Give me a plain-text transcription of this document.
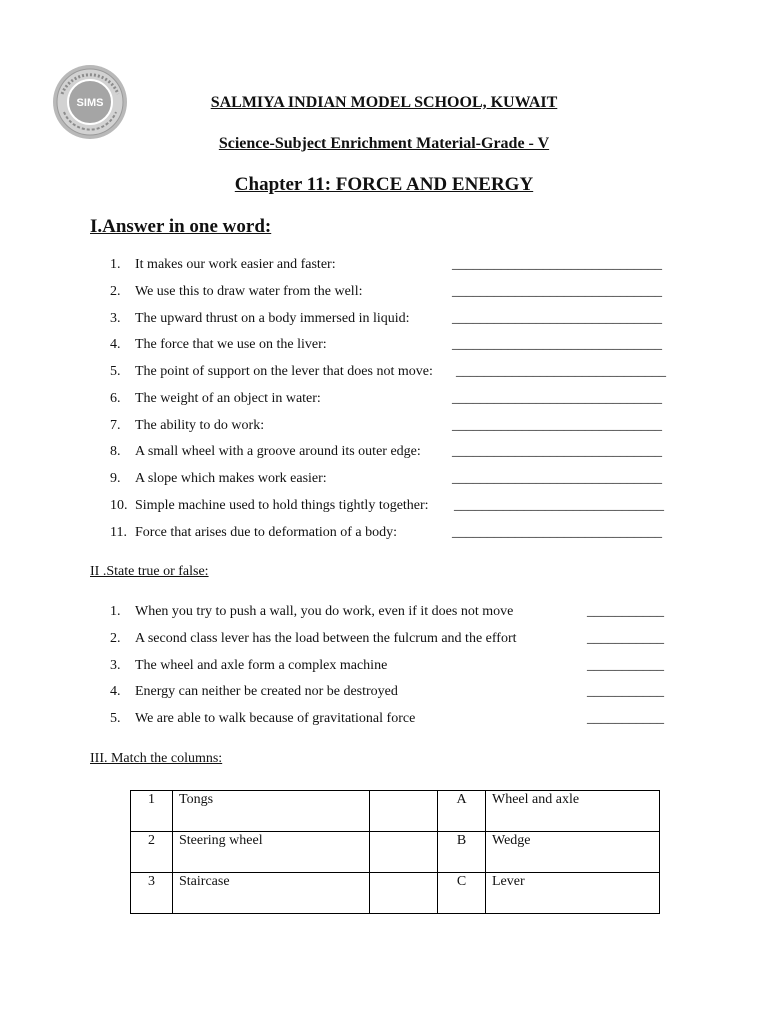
SIMS	SALMIYA INDIAN MODEL SCHOOL, KUWAIT
Science-Subject Enrichment Material-Grade - V
Chapter 11: FORCE AND ENERGY
I.Answer in one word:
1.	It makes our work easier and faster:	______________________________
2.	We use this to draw water from the well:	______________________________
3.	The upward thrust on a body immersed in liquid:	______________________________
4.	The force that we use on the liver:	______________________________
5.	The point of support on the lever that does not move: ______________________________
6.	The weight of an object in water:	______________________________
7.	The ability to do work:	______________________________
8.	A small wheel with a groove around its outer edge: ______________________________
9.	A slope which makes work easier:	______________________________
10. Simple machine used to hold things tightly together: ______________________________
11. Force that arises due to deformation of a body:	______________________________
II .State true or false:
1.	When you try to push a wall, you do work, even if it does not move	___________
2.	A second class lever has the load between the fulcrum and the effort	___________
3.	The wheel and axle form a complex machine	___________
4.	Energy can neither be created nor be destroyed	___________
5.	We are able to walk because of gravitational force	___________
III. Match the columns:
1	Tongs		A	Wheel and axle
2	Steering wheel		B	Wedge
3	Staircase		C	Lever
